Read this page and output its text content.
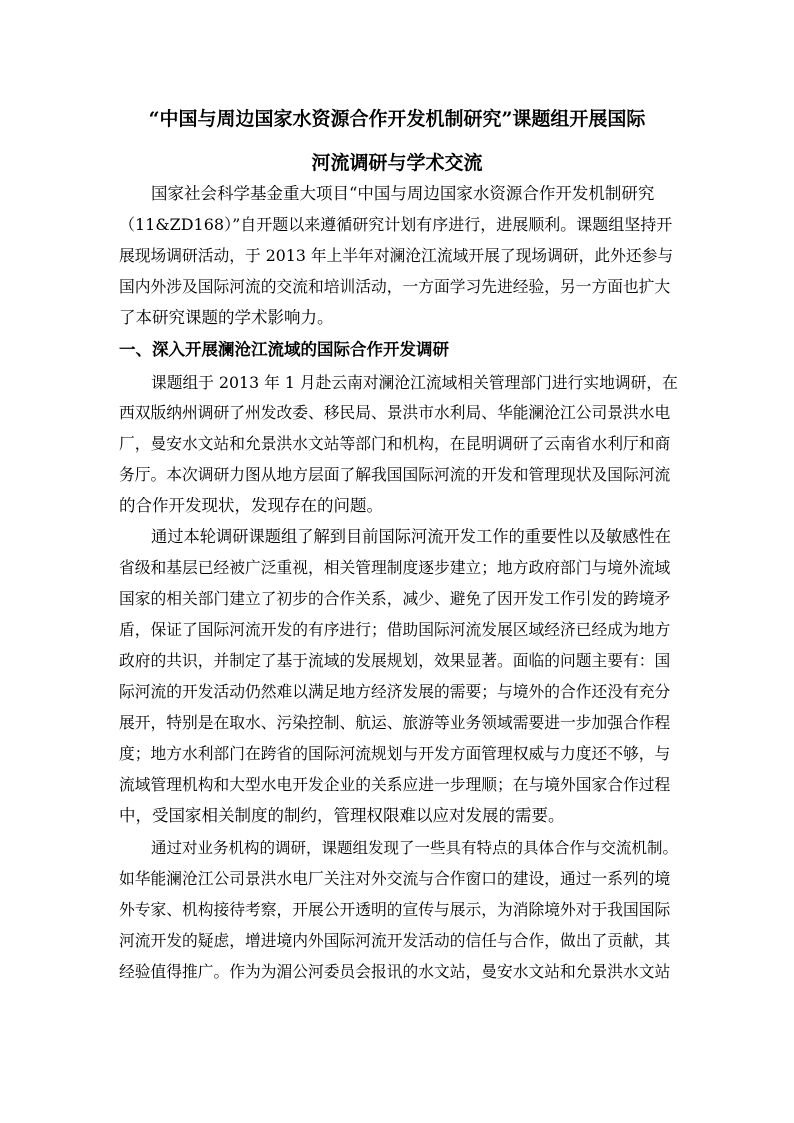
“中国与周边国家水资源合作开发机制研究”课题组开展国际
河流调研与学术交流
国家社会科学基金重大项目“中国与周边国家水资源合作开发机制研究
（11&ZD168）”自开题以来遵循研究计划有序进行，进展顺利。课题组坚持开
展现场调研活动，于 2013 年上半年对澜沧江流域开展了现场调研，此外还参与
国内外涉及国际河流的交流和培训活动，一方面学习先进经验，另一方面也扩大
了本研究课题的学术影响力。
一、深入开展澜沧江流域的国际合作开发调研
课题组于 2013 年 1 月赴云南对澜沧江流域相关管理部门进行实地调研，在
西双版纳州调研了州发改委、移民局、景洪市水利局、华能澜沧江公司景洪水电
厂，曼安水文站和允景洪水文站等部门和机构，在昆明调研了云南省水利厅和商
务厅。本次调研力图从地方层面了解我国国际河流的开发和管理现状及国际河流
的合作开发现状，发现存在的问题。
通过本轮调研课题组了解到目前国际河流开发工作的重要性以及敏感性在
省级和基层已经被广泛重视，相关管理制度逐步建立；地方政府部门与境外流域
国家的相关部门建立了初步的合作关系，减少、避免了因开发工作引发的跨境矛
盾，保证了国际河流开发的有序进行；借助国际河流发展区域经济已经成为地方
政府的共识，并制定了基于流域的发展规划，效果显著。面临的问题主要有：国
际河流的开发活动仍然难以满足地方经济发展的需要；与境外的合作还没有充分
展开，特别是在取水、污染控制、航运、旅游等业务领域需要进一步加强合作程
度；地方水利部门在跨省的国际河流规划与开发方面管理权威与力度还不够，与
流域管理机构和大型水电开发企业的关系应进一步理顺；在与境外国家合作过程
中，受国家相关制度的制约，管理权限难以应对发展的需要。
通过对业务机构的调研，课题组发现了一些具有特点的具体合作与交流机制。
如华能澜沧江公司景洪水电厂关注对外交流与合作窗口的建设，通过一系列的境
外专家、机构接待考察，开展公开透明的宣传与展示，为消除境外对于我国国际
河流开发的疑虑，增进境内外国际河流开发活动的信任与合作，做出了贡献，其
经验值得推广。作为为湄公河委员会报讯的水文站，曼安水文站和允景洪水文站
